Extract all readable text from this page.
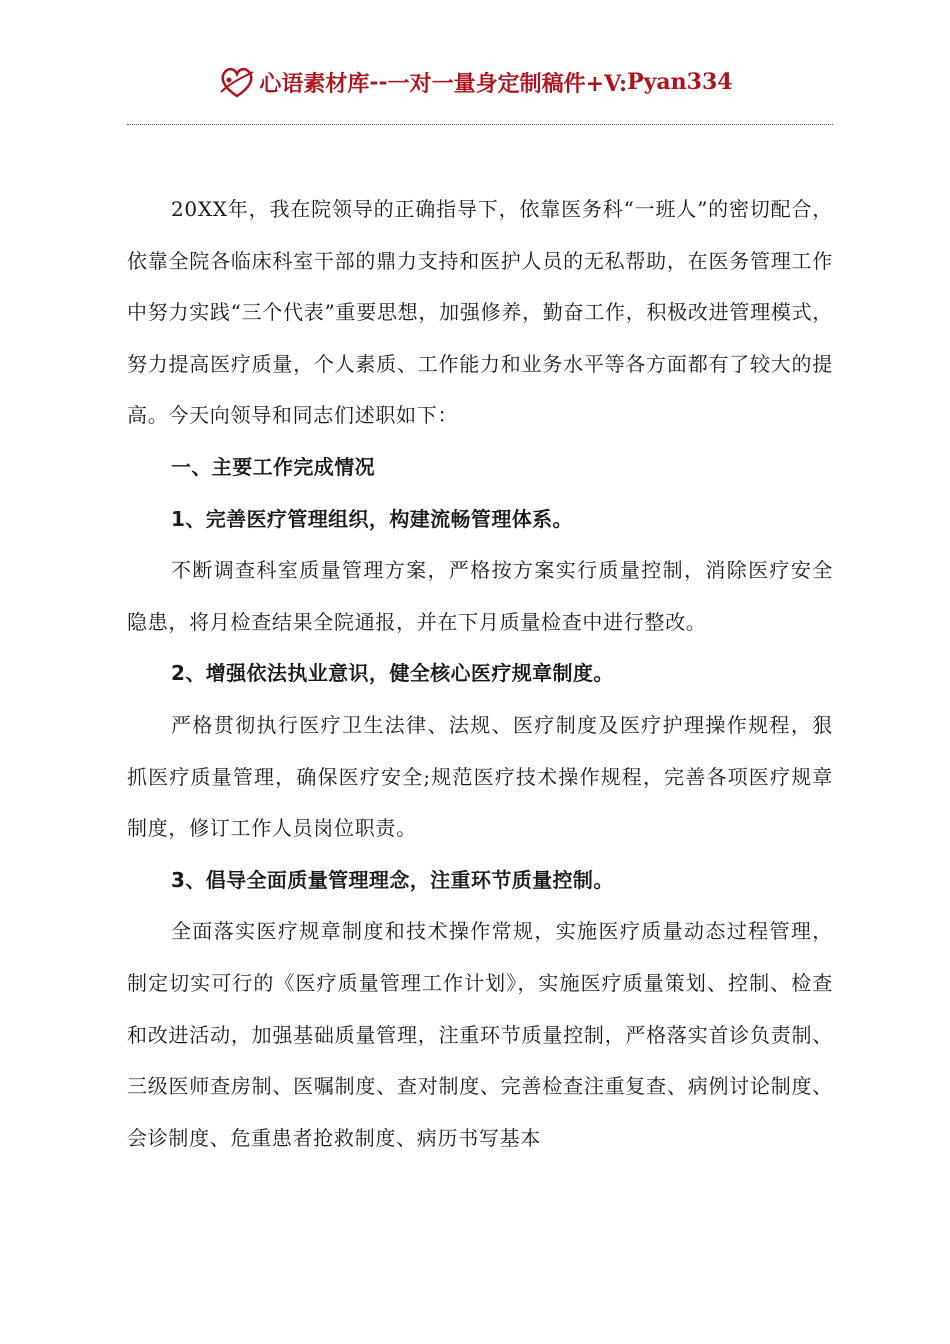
心语素材库 -- 一对一量身定制稿件+V: Pyan334

20XX年，我在院领导的正确指导下，依靠医务科“一班人”的密切配合，依靠全院各临床科室干部的鼎力支持和医护人员的无私帮助，在医务管理工作中努力实践“三个代表”重要思想，加强修养，勤奋工作，积极改进管理模式，努力提高医疗质量，个人素质、工作能力和业务水平等各方面都有了较大的提高。今天向领导和同志们述职如下：

一、主要工作完成情况

1、完善医疗管理组织，构建流畅管理体系。

不断调查科室质量管理方案，严格按方案实行质量控制，消除医疗安全隐患，将月检查结果全院通报，并在下月质量检查中进行整改。

2、增强依法执业意识，健全核心医疗规章制度。

严格贯彻执行医疗卫生法律、法规、医疗制度及医疗护理操作规程，狠抓医疗质量管理，确保医疗安全;规范医疗技术操作规程，完善各项医疗规章制度，修订工作人员岗位职责。

3、倡导全面质量管理理念，注重环节质量控制。

全面落实医疗规章制度和技术操作常规，实施医疗质量动态过程管理，制定切实可行的《医疗质量管理工作计划》，实施医疗质量策划、控制、检查和改进活动，加强基础质量管理，注重环节质量控制，严格落实首诊负责制、三级医师查房制、医嘱制度、查对制度、完善检查注重复查、病例讨论制度、会诊制度、危重患者抢救制度、病历书写基本
